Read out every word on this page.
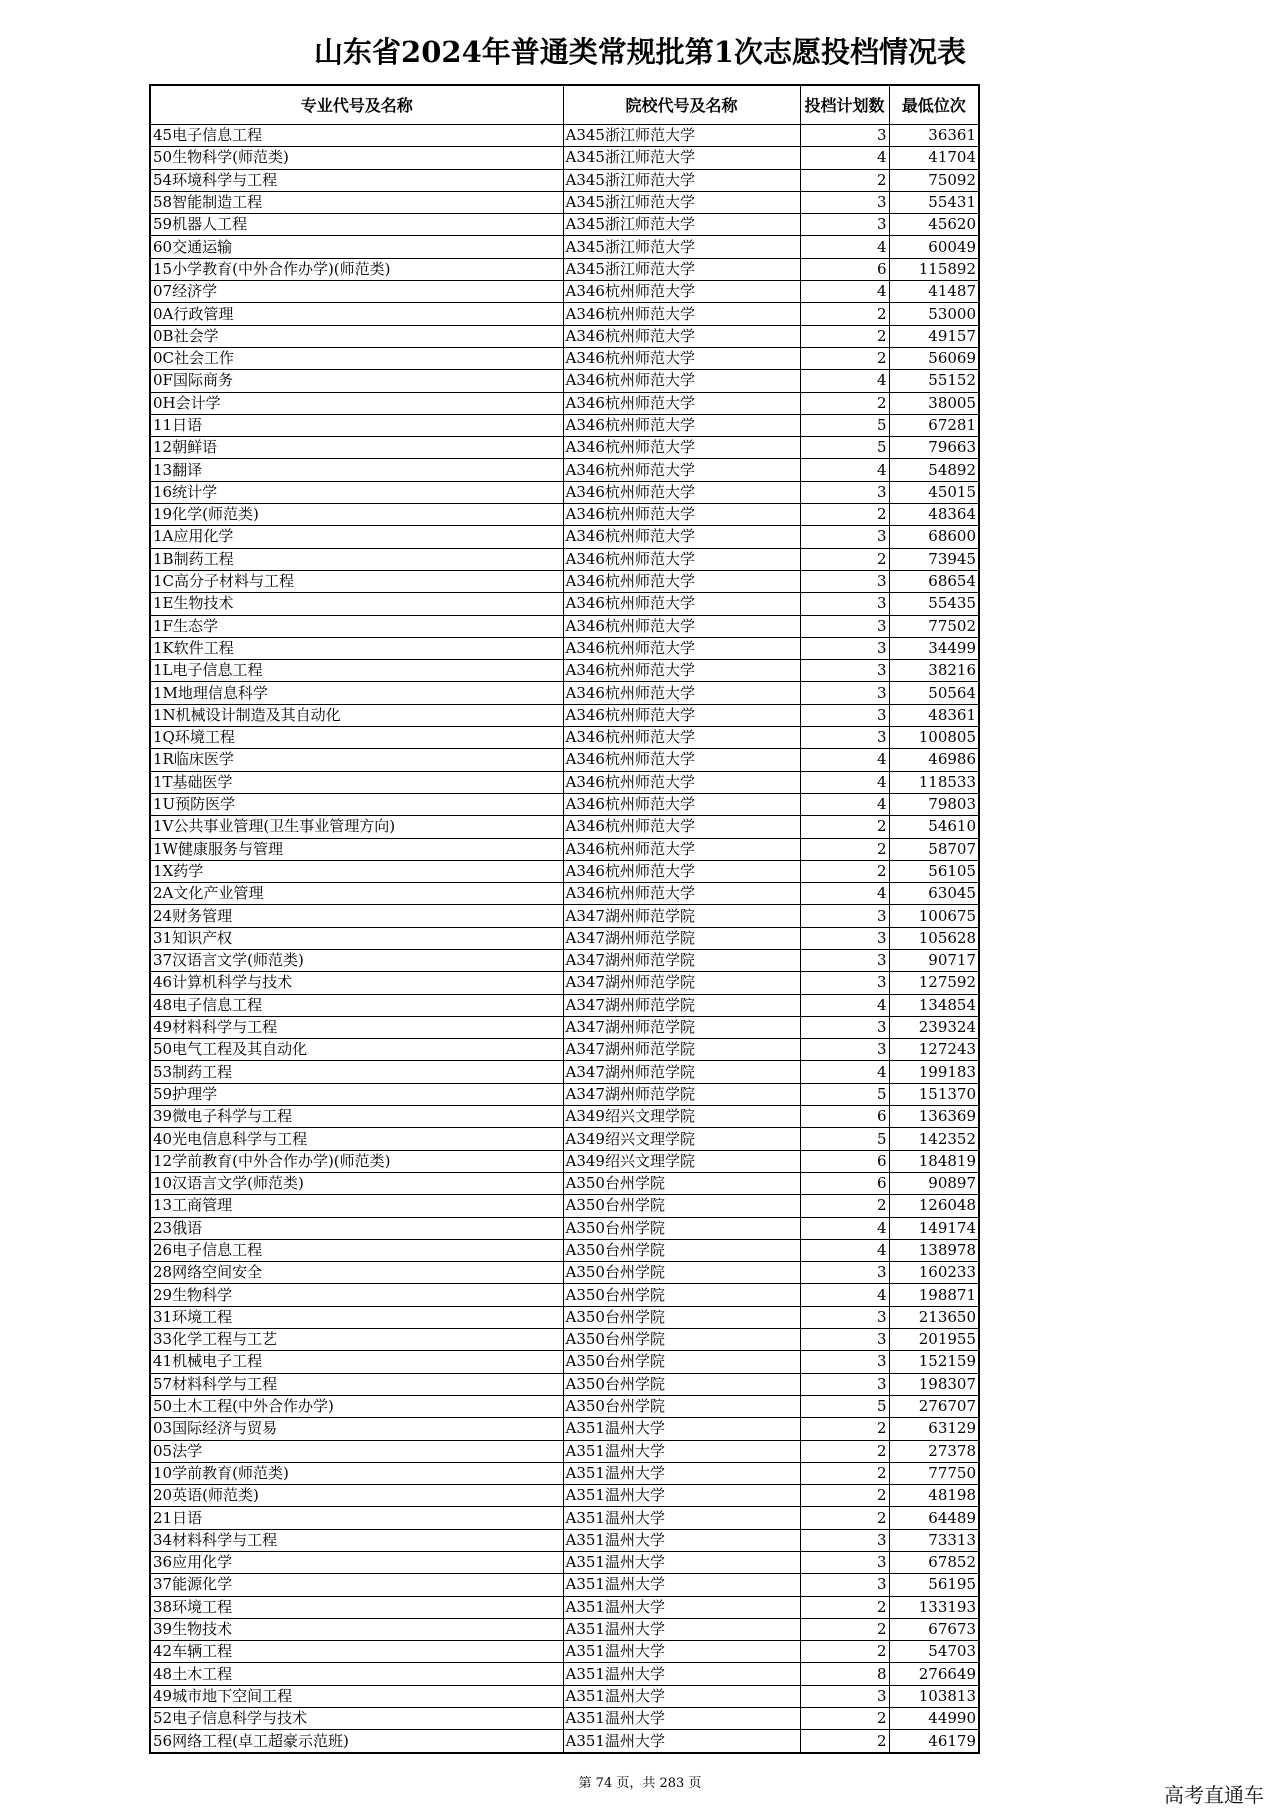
山东省2024年普通类常规批第1次志愿投档情况表
专业代号及名称	院校代号及名称	投档计划数	最低位次
45电子信息工程	A345浙江师范大学	3	36361
50生物科学(师范类)	A345浙江师范大学	4	41704
54环境科学与工程	A345浙江师范大学	2	75092
58智能制造工程	A345浙江师范大学	3	55431
59机器人工程	A345浙江师范大学	3	45620
60交通运输	A345浙江师范大学	4	60049
15小学教育(中外合作办学)(师范类)	A345浙江师范大学	6	115892
07经济学	A346杭州师范大学	4	41487
0A行政管理	A346杭州师范大学	2	53000
0B社会学	A346杭州师范大学	2	49157
0C社会工作	A346杭州师范大学	2	56069
0F国际商务	A346杭州师范大学	4	55152
0H会计学	A346杭州师范大学	2	38005
11日语	A346杭州师范大学	5	67281
12朝鲜语	A346杭州师范大学	5	79663
13翻译	A346杭州师范大学	4	54892
16统计学	A346杭州师范大学	3	45015
19化学(师范类)	A346杭州师范大学	2	48364
1A应用化学	A346杭州师范大学	3	68600
1B制药工程	A346杭州师范大学	2	73945
1C高分子材料与工程	A346杭州师范大学	3	68654
1E生物技术	A346杭州师范大学	3	55435
1F生态学	A346杭州师范大学	3	77502
1K软件工程	A346杭州师范大学	3	34499
1L电子信息工程	A346杭州师范大学	3	38216
1M地理信息科学	A346杭州师范大学	3	50564
1N机械设计制造及其自动化	A346杭州师范大学	3	48361
1Q环境工程	A346杭州师范大学	3	100805
1R临床医学	A346杭州师范大学	4	46986
1T基础医学	A346杭州师范大学	4	118533
1U预防医学	A346杭州师范大学	4	79803
1V公共事业管理(卫生事业管理方向)	A346杭州师范大学	2	54610
1W健康服务与管理	A346杭州师范大学	2	58707
1X药学	A346杭州师范大学	2	56105
2A文化产业管理	A346杭州师范大学	4	63045
24财务管理	A347湖州师范学院	3	100675
31知识产权	A347湖州师范学院	3	105628
37汉语言文学(师范类)	A347湖州师范学院	3	90717
46计算机科学与技术	A347湖州师范学院	3	127592
48电子信息工程	A347湖州师范学院	4	134854
49材料科学与工程	A347湖州师范学院	3	239324
50电气工程及其自动化	A347湖州师范学院	3	127243
53制药工程	A347湖州师范学院	4	199183
59护理学	A347湖州师范学院	5	151370
39微电子科学与工程	A349绍兴文理学院	6	136369
40光电信息科学与工程	A349绍兴文理学院	5	142352
12学前教育(中外合作办学)(师范类)	A349绍兴文理学院	6	184819
10汉语言文学(师范类)	A350台州学院	6	90897
13工商管理	A350台州学院	2	126048
23俄语	A350台州学院	4	149174
26电子信息工程	A350台州学院	4	138978
28网络空间安全	A350台州学院	3	160233
29生物科学	A350台州学院	4	198871
31环境工程	A350台州学院	3	213650
33化学工程与工艺	A350台州学院	3	201955
41机械电子工程	A350台州学院	3	152159
57材料科学与工程	A350台州学院	3	198307
50土木工程(中外合作办学)	A350台州学院	5	276707
03国际经济与贸易	A351温州大学	2	63129
05法学	A351温州大学	2	27378
10学前教育(师范类)	A351温州大学	2	77750
20英语(师范类)	A351温州大学	2	48198
21日语	A351温州大学	2	64489
34材料科学与工程	A351温州大学	3	73313
36应用化学	A351温州大学	3	67852
37能源化学	A351温州大学	3	56195
38环境工程	A351温州大学	2	133193
39生物技术	A351温州大学	2	67673
42车辆工程	A351温州大学	2	54703
48土木工程	A351温州大学	8	276649
49城市地下空间工程	A351温州大学	3	103813
52电子信息科学与技术	A351温州大学	2	44990
56网络工程(卓工超豪示范班)	A351温州大学	2	46179
第 74 页，共 283 页	高考直通车
